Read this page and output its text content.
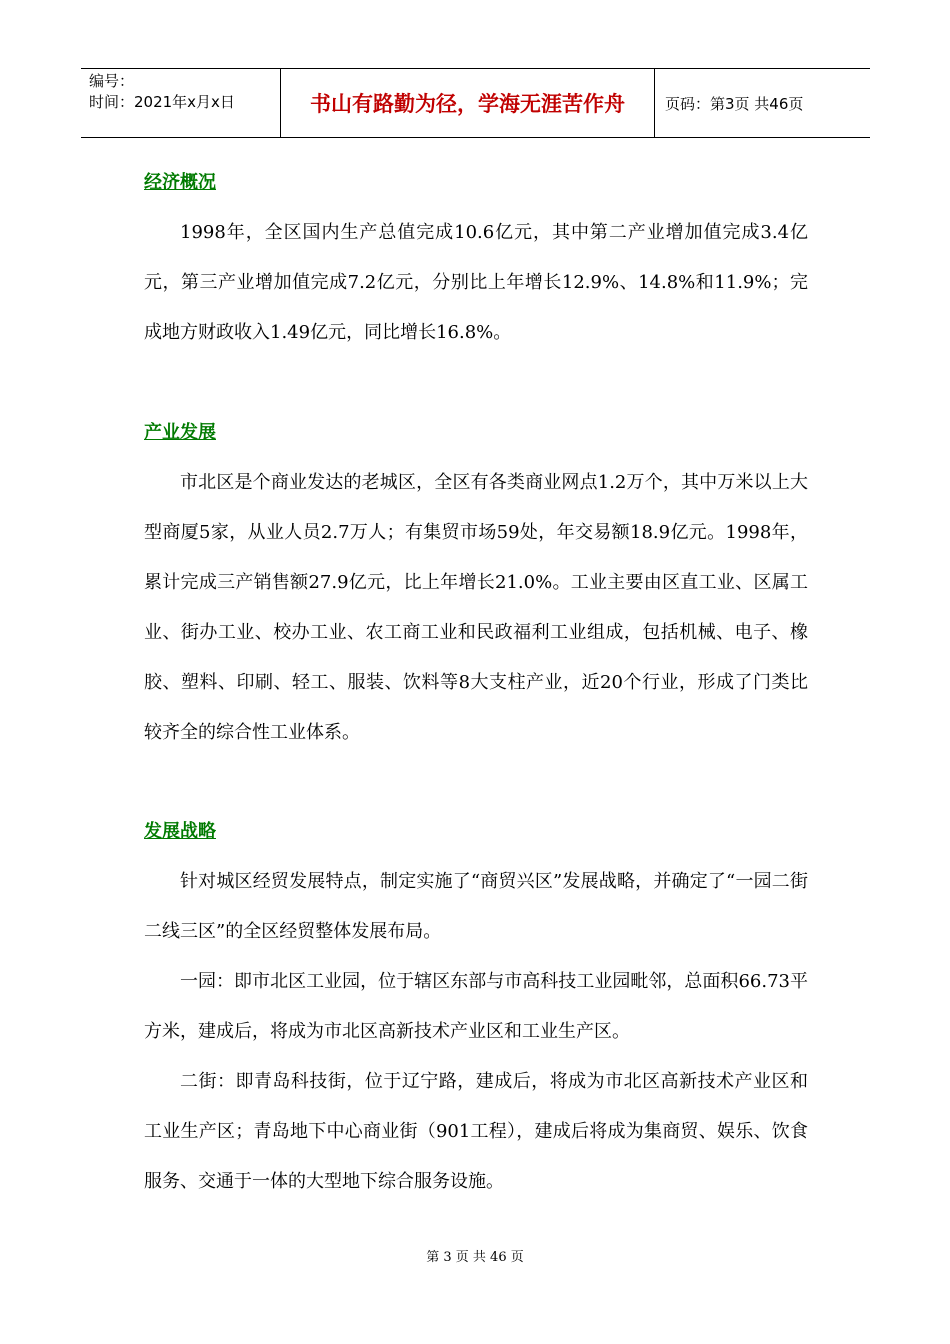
编号：
时间：2021年x月x日	书山有路勤为径，学海无涯苦作舟	页码：第3页 共46页
经济概况

1998年，全区国内生产总值完成10.6亿元，其中第二产业增加值完成3.4亿元，第三产业增加值完成7.2亿元，分别比上年增长12.9%、14.8%和11.9%；完成地方财政收入1.49亿元，同比增长16.8%。

产业发展

市北区是个商业发达的老城区，全区有各类商业网点1.2万个，其中万米以上大型商厦5家，从业人员2.7万人；有集贸市场59处，年交易额18.9亿元。1998年，累计完成三产销售额27.9亿元，比上年增长21.0%。工业主要由区直工业、区属工业、街办工业、校办工业、农工商工业和民政福利工业组成，包括机械、电子、橡胶、塑料、印刷、轻工、服装、饮料等8大支柱产业，近20个行业，形成了门类比较齐全的综合性工业体系。

发展战略

针对城区经贸发展特点，制定实施了“商贸兴区”发展战略，并确定了“一园二街二线三区”的全区经贸整体发展布局。

一园：即市北区工业园，位于辖区东部与市高科技工业园毗邻，总面积66.73平方米，建成后，将成为市北区高新技术产业区和工业生产区。

二街：即青岛科技街，位于辽宁路，建成后，将成为市北区高新技术产业区和工业生产区；青岛地下中心商业街（901工程），建成后将成为集商贸、娱乐、饮食服务、交通于一体的大型地下综合服务设施。

第 3 页 共 46 页
